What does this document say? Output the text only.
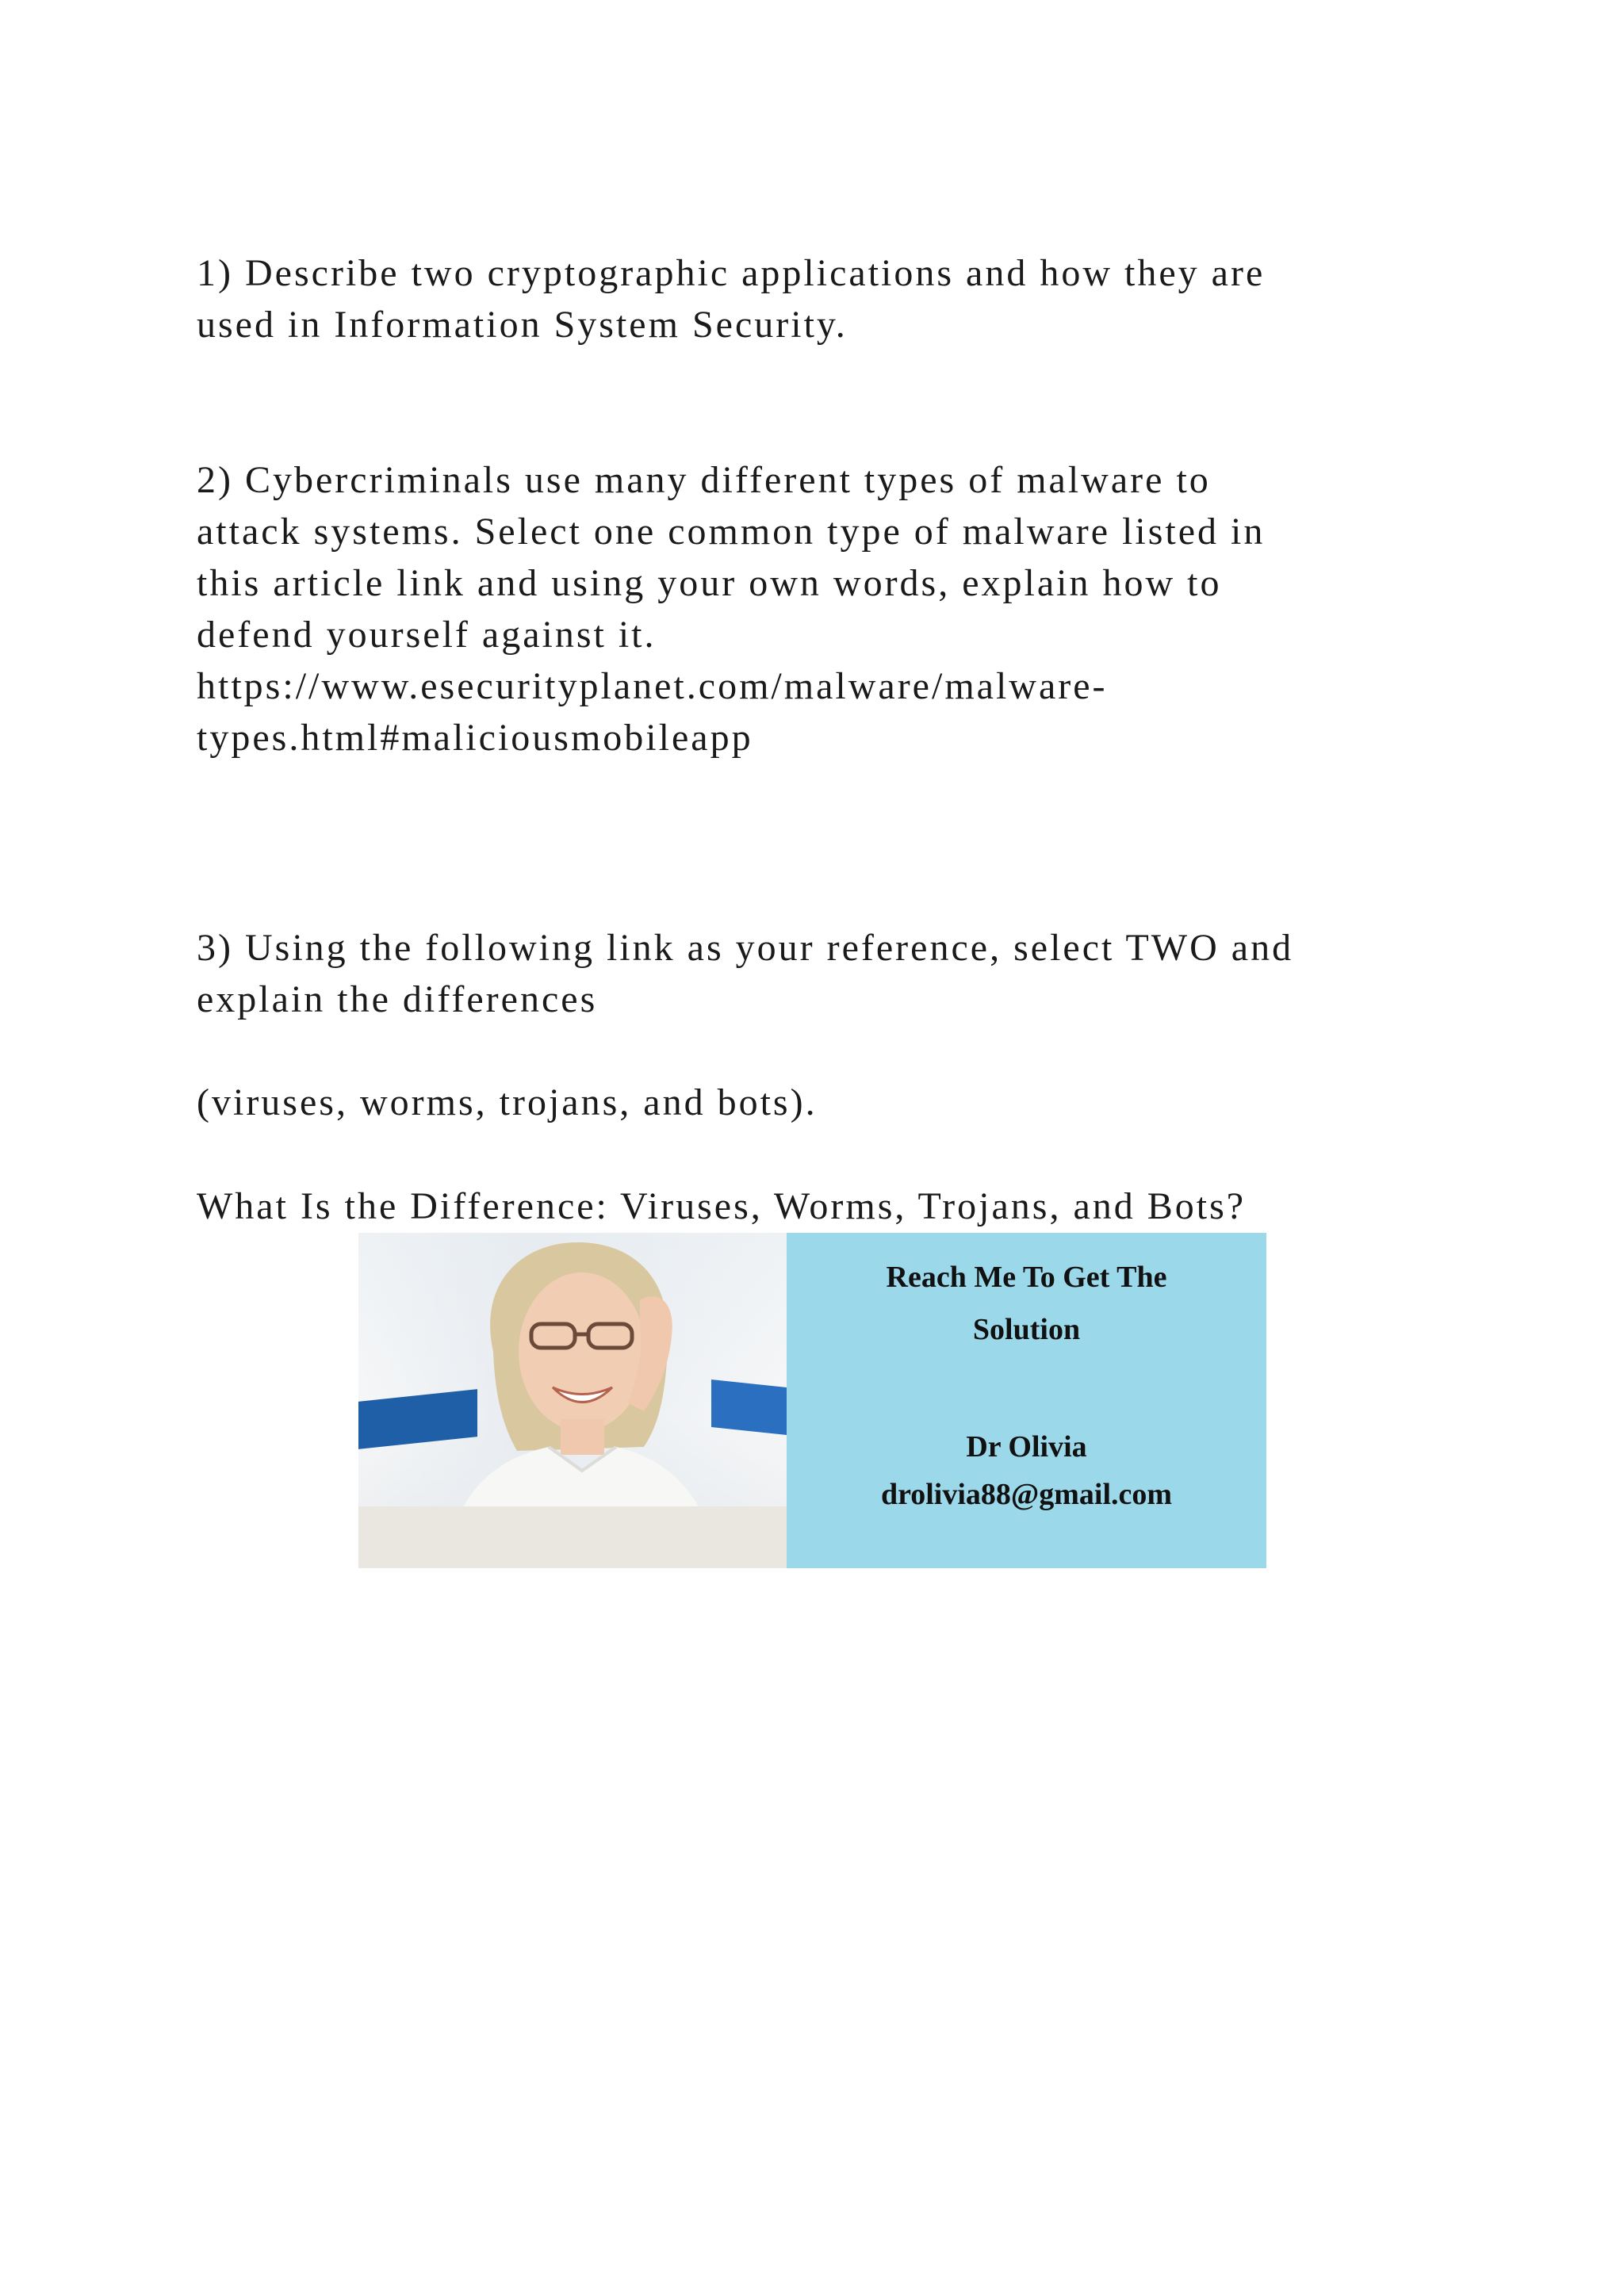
1) Describe two cryptographic applications and how they are
used in Information System Security.

2) Cybercriminals use many different types of malware to
attack systems. Select one common type of malware listed in
this article link and using your own words, explain how to
defend yourself against it.
https://www.esecurityplanet.com/malware/malware-
types.html#maliciousmobileapp

3) Using the following link as your reference, select TWO and
explain the differences

(viruses, worms, trojans, and bots).

What Is the Difference: Viruses, Worms, Trojans, and Bots?

Reach Me To Get The
Solution
Dr Olivia
drolivia88@gmail.com
